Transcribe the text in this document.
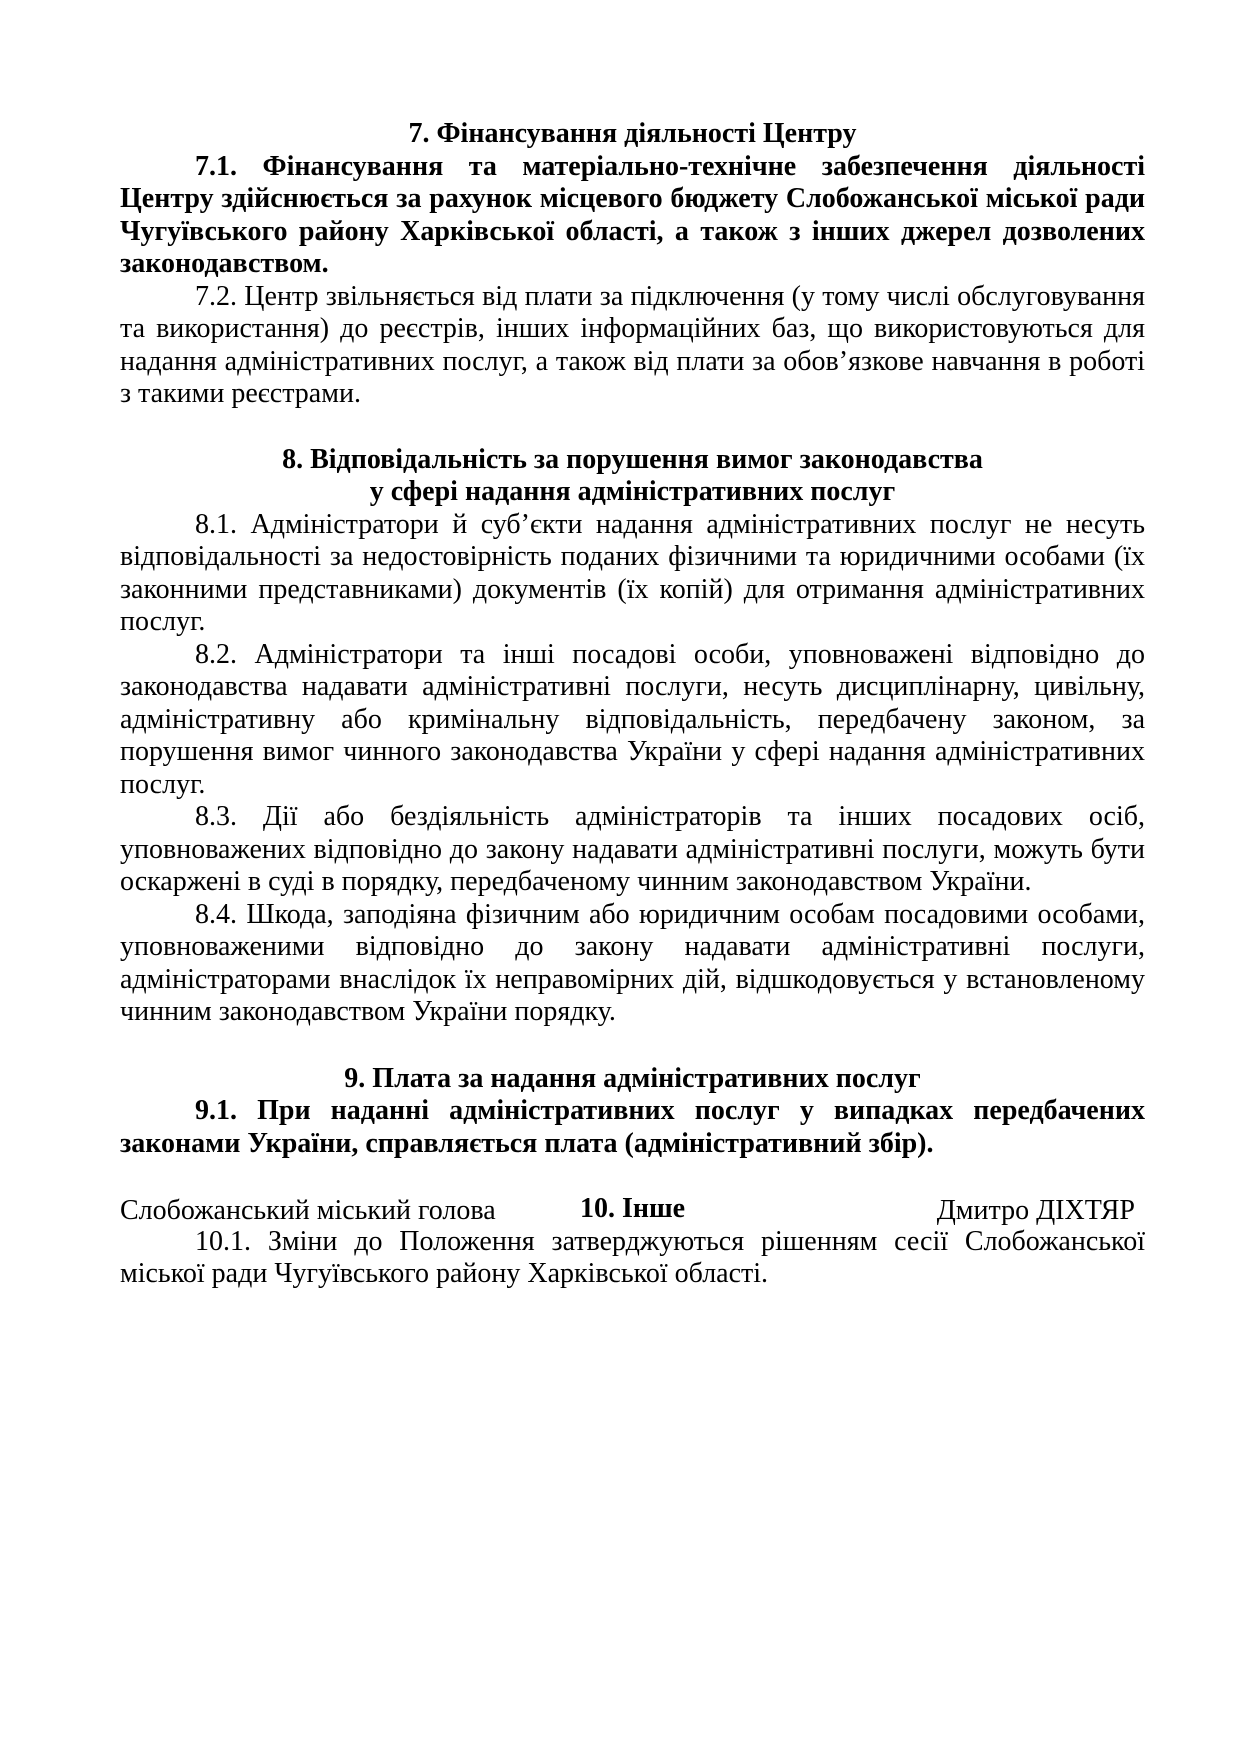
7. Фінансування діяльності Центру

7.1. Фінансування та матеріально-технічне забезпечення діяльності Центру здійснюється за рахунок місцевого бюджету Слобожанської міської ради Чугуївського району Харківської області, а також з інших джерел дозволених законодавством.

7.2. Центр звільняється від плати за підключення (у тому числі обслуговування та використання) до реєстрів, інших інформаційних баз, що використовуються для надання адміністративних послуг, а також від плати за обов’язкове навчання в роботі з такими реєстрами.

8. Відповідальність за порушення вимог законодавства

у сфері надання адміністративних послуг

8.1. Адміністратори й суб’єкти надання адміністративних послуг не несуть відповідальності за недостовірність поданих фізичними та юридичними особами (їх законними представниками) документів (їх копій) для отримання адміністративних послуг.

8.2. Адміністратори та інші посадові особи, уповноважені відповідно до законодавства надавати адміністративні послуги, несуть дисциплінарну, цивільну, адміністративну або кримінальну відповідальність, передбачену законом, за порушення вимог чинного законодавства України у сфері надання адміністративних послуг.

8.3. Дії або бездіяльність адміністраторів та інших посадових осіб, уповноважених відповідно до закону надавати адміністративні послуги, можуть бути оскаржені в суді в порядку, передбаченому чинним законодавством України.

8.4. Шкода, заподіяна фізичним або юридичним особам посадовими особами, уповноваженими відповідно до закону надавати адміністративні послуги, адміністраторами внаслідок їх неправомірних дій, відшкодовується у встановленому чинним законодавством України порядку.

9. Плата за надання адміністративних послуг

9.1. При наданні адміністративних послуг у випадках передбачених законами України, справляється плата (адміністративний збір).

10. Інше

10.1. Зміни до Положення затверджуються рішенням сесії Слобожанської міської ради Чугуївського району Харківської області.

Слобожанський міський голова	Дмитро ДІХТЯР
